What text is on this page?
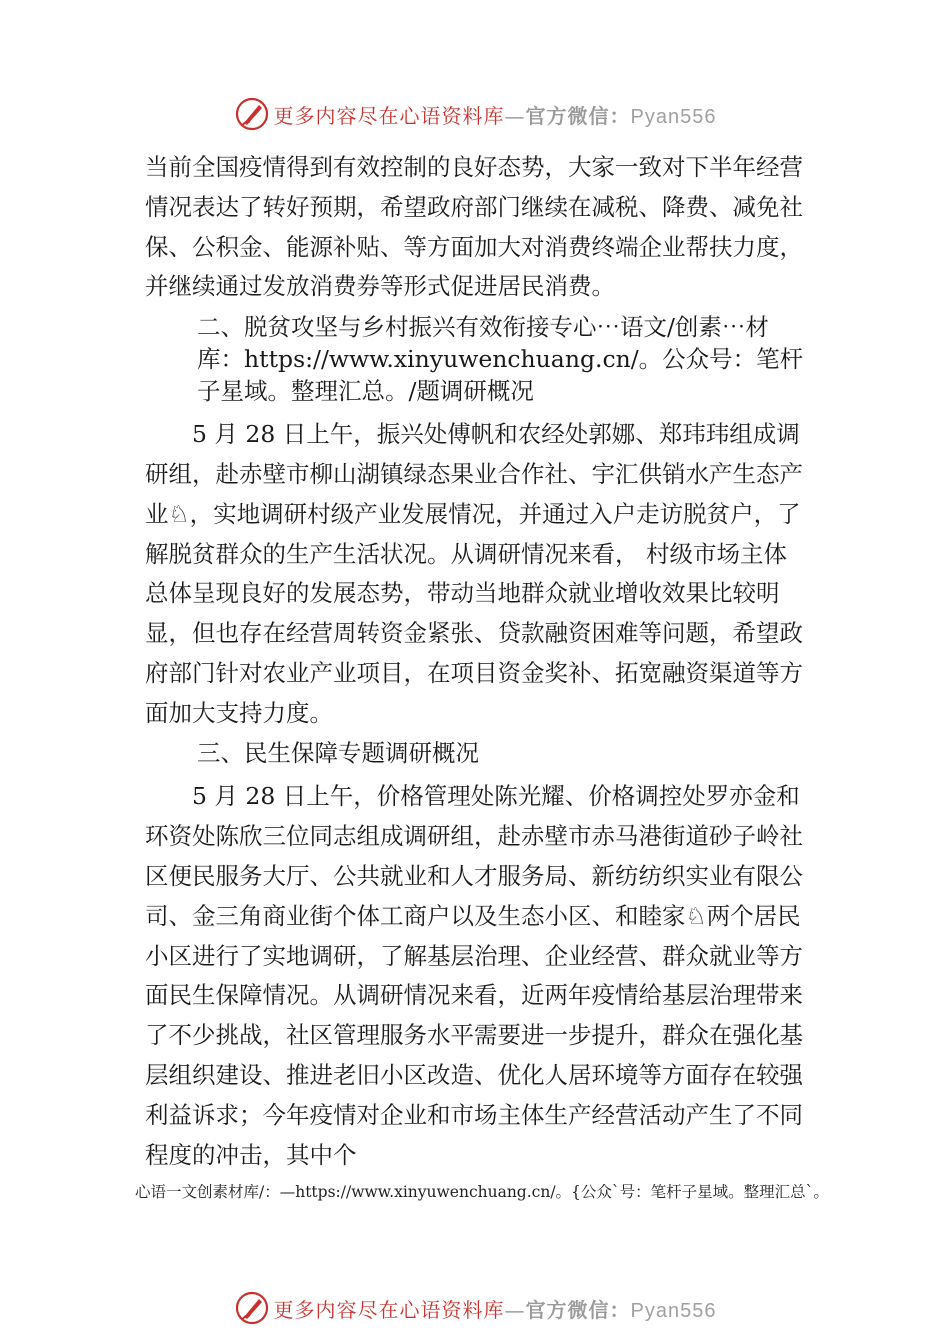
更多内容尽在心语资料库—官方微信：Pyan556

当前全国疫情得到有效控制的良好态势，大家一致对下半年经营情况表达了转好预期，希望政府部门继续在减税、降费、减免社保、公积金、能源补贴、等方面加大对消费终端企业帮扶力度，并继续通过发放消费券等形式促进居民消费。

二、脱贫攻坚与乡村振兴有效衔接专心⋯语文/创素⋯材库：https://www.xinyuwenchuang.cn/。公众号：笔杆子星域。整理汇总。/题调研概况

5 月 28 日上午，振兴处傅帆和农经处郭娜、郑玮玮组成调研组，赴赤壁市柳山湖镇绿态果业合作社、宇汇供销水产生态产业♘，实地调研村级产业发展情况，并通过入户走访脱贫户，了解脱贫群众的生产生活状况。从调研情况来看， 村级市场主体总体呈现良好的发展态势，带动当地群众就业增收效果比较明显，但也存在经营周转资金紧张、贷款融资困难等问题，希望政府部门针对农业产业项目，在项目资金奖补、拓宽融资渠道等方面加大支持力度。

三、民生保障专题调研概况

5 月 28 日上午，价格管理处陈光耀、价格调控处罗亦金和环资处陈欣三位同志组成调研组，赴赤壁市赤马港街道砂子岭社区便民服务大厅、公共就业和人才服务局、新纺纺织实业有限公司、金三角商业街个体工商户以及生态小区、和睦家♘两个居民小区进行了实地调研，了解基层治理、企业经营、群众就业等方面民生保障情况。从调研情况来看，近两年疫情给基层治理带来了不少挑战，社区管理服务水平需要进一步提升，群众在强化基层组织建设、推进老旧小区改造、优化人居环境等方面存在较强利益诉求；今年疫情对企业和市场主体生产经营活动产生了不同程度的冲击，其中个

心语一文创素材库/：—https://www.xinyuwenchuang.cn/。{公众`号：笔杆子星域。整理汇总`。
更多内容尽在心语资料库—官方微信：Pyan556
